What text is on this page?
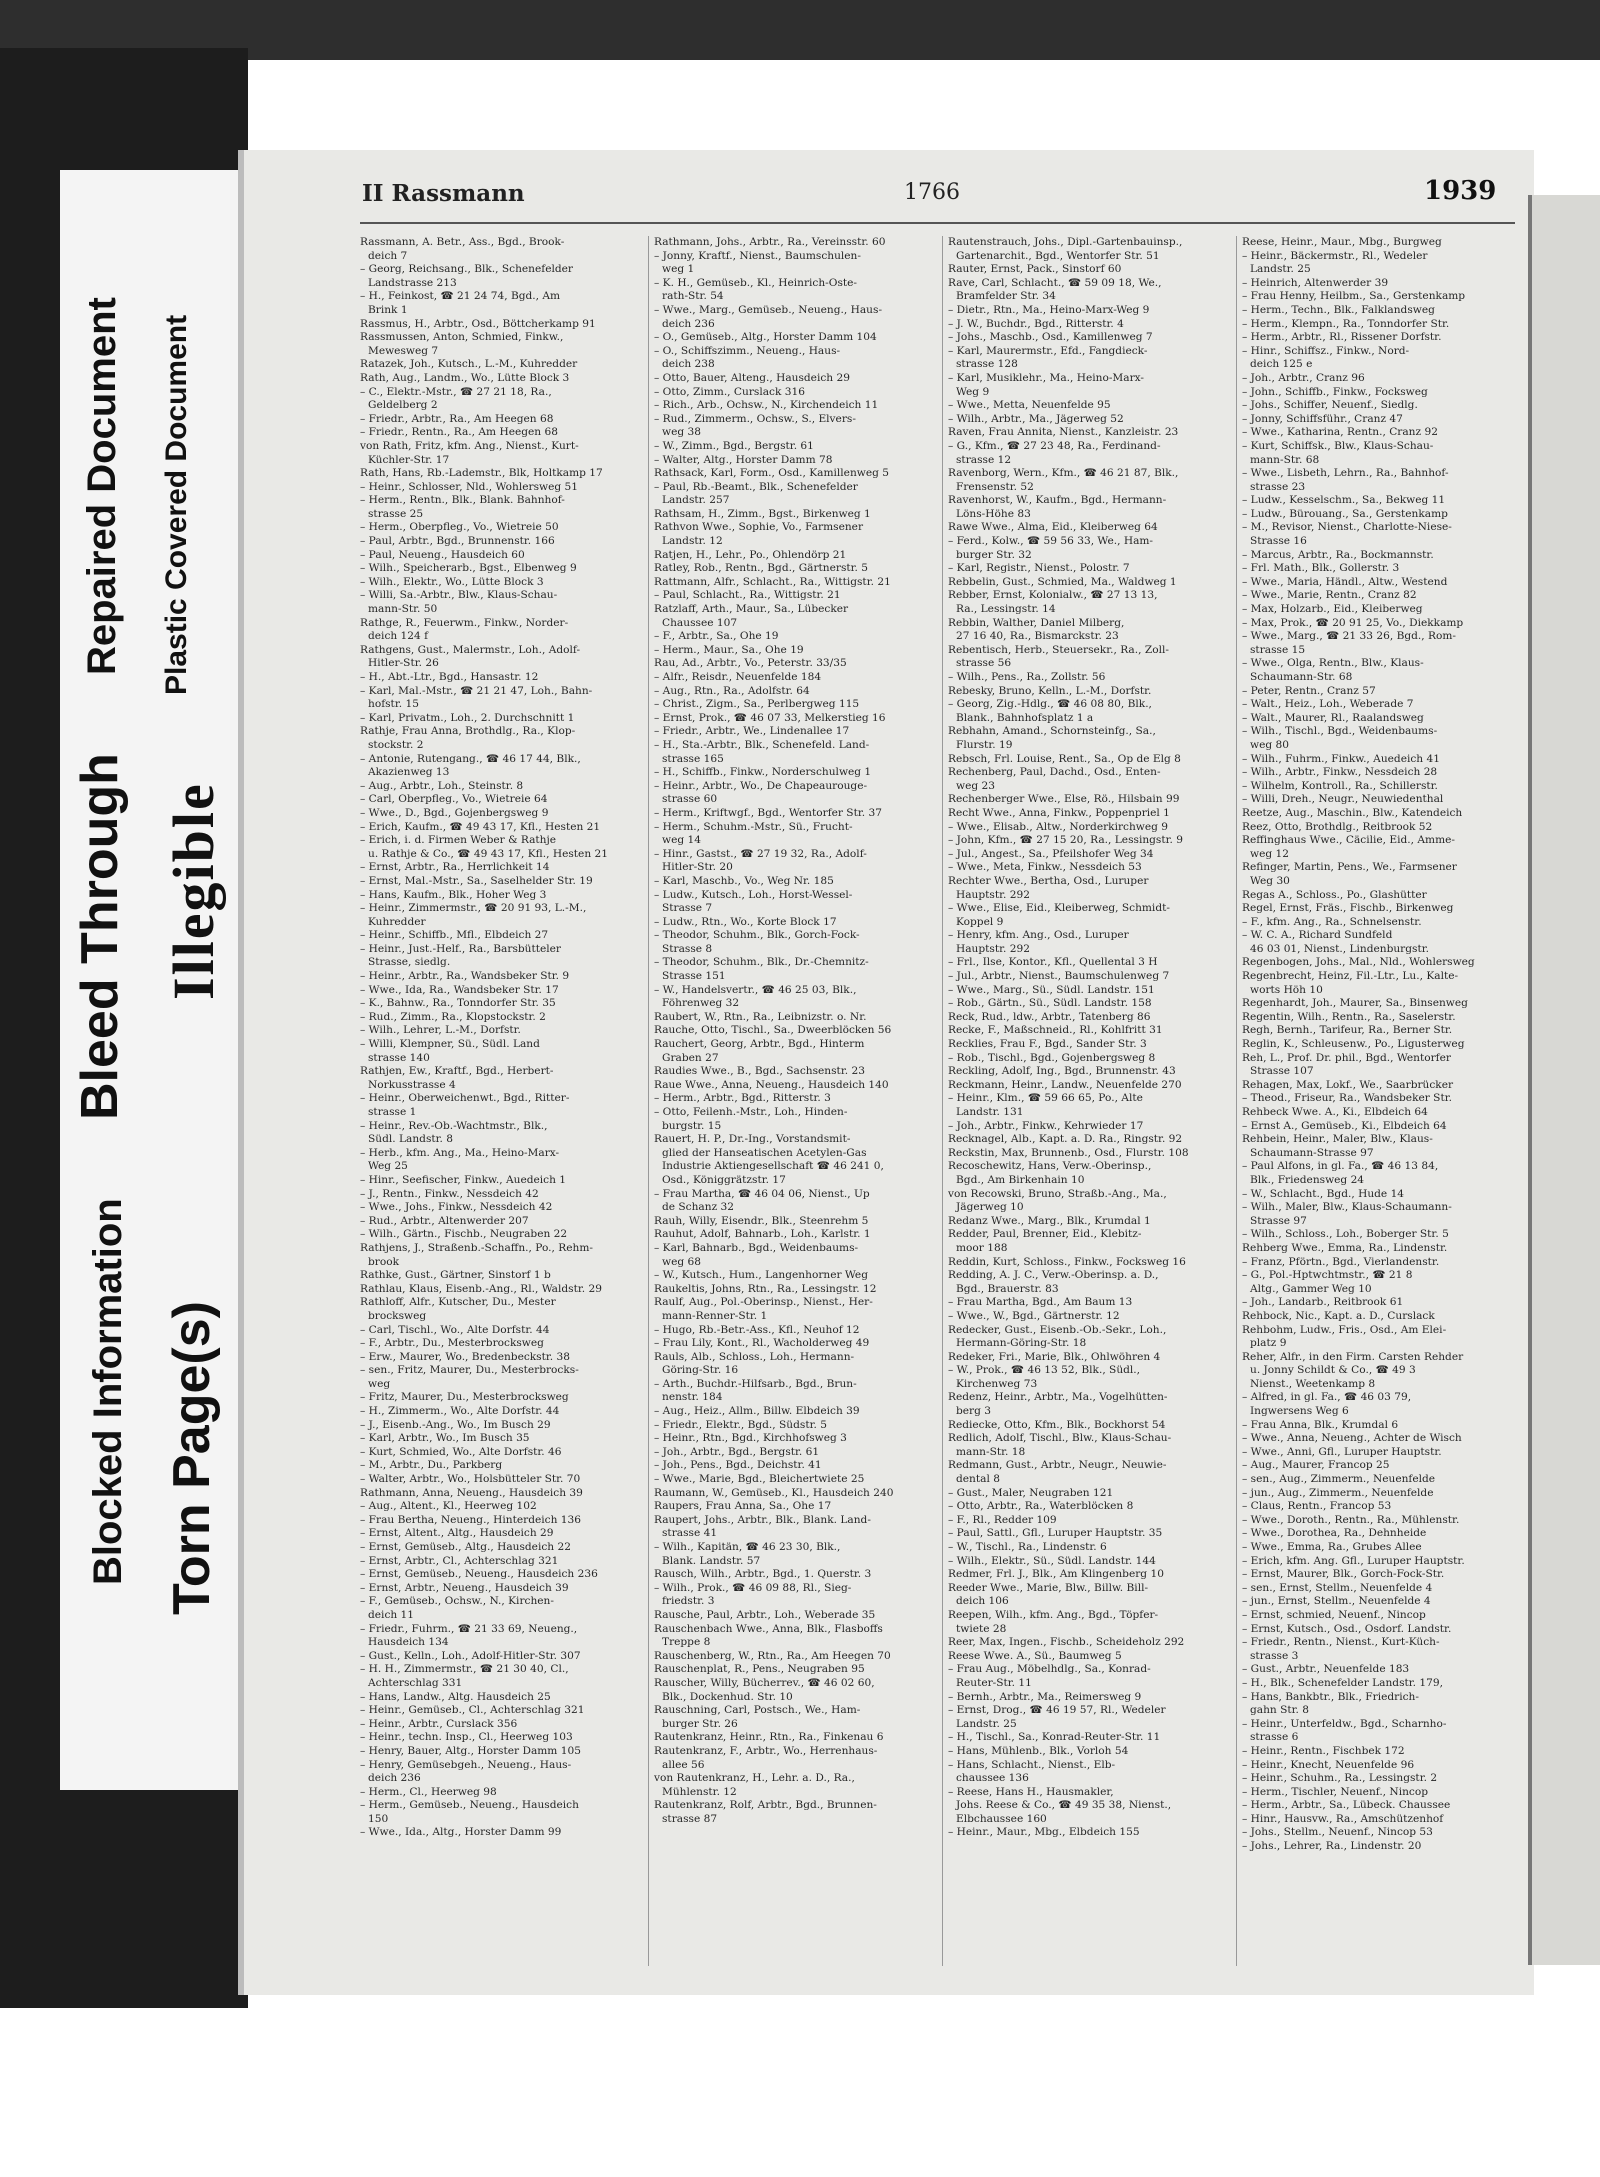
Blocked Information Torn Page(s)
Bleed Through Illegible
Repaired Document Plastic Covered Document
II Rassmann	1766	1939
Rassmann, A. Betr., Ass., Bgd., Brook-
deich 7
– Georg, Reichsang., Blk., Schenefelder
Landstrasse 213
– H., Feinkost, ☎ 21 24 74, Bgd., Am
Brink 1
Rassmus, H., Arbtr., Osd., Böttcherkamp 91
Rassmussen, Anton, Schmied, Finkw.,
Mewesweg 7
Ratazek, Joh., Kutsch., L.-M., Kuhredder
Rath, Aug., Landm., Wo., Lütte Block 3
– C., Elektr.-Mstr., ☎ 27 21 18, Ra.,
Geldelberg 2
– Friedr., Arbtr., Ra., Am Heegen 68
– Friedr., Rentn., Ra., Am Heegen 68
von Rath, Fritz, kfm. Ang., Nienst., Kurt-
Küchler-Str. 17
Rath, Hans, Rb.-Lademstr., Blk, Holtkamp 17
– Heinr., Schlosser, Nld., Wohlersweg 51
– Herm., Rentn., Blk., Blank. Bahnhof-
strasse 25
– Herm., Oberpfleg., Vo., Wietreie 50
– Paul, Arbtr., Bgd., Brunnenstr. 166
– Paul, Neueng., Hausdeich 60
– Wilh., Speicherarb., Bgst., Elbenweg 9
– Wilh., Elektr., Wo., Lütte Block 3
– Willi, Sa.-Arbtr., Blw., Klaus-Schau-
mann-Str. 50
Rathge, R., Feuerwm., Finkw., Norder-
deich 124 f
Rathgens, Gust., Malermstr., Loh., Adolf-
Hitler-Str. 26
– H., Abt.-Ltr., Bgd., Hansastr. 12
– Karl, Mal.-Mstr., ☎ 21 21 47, Loh., Bahn-
hofstr. 15
– Karl, Privatm., Loh., 2. Durchschnitt 1
Rathje, Frau Anna, Brothdlg., Ra., Klop-
stockstr. 2
– Antonie, Rutengang., ☎ 46 17 44, Blk.,
Akazienweg 13
– Aug., Arbtr., Loh., Steinstr. 8
– Carl, Oberpfleg., Vo., Wietreie 64
– Wwe., D., Bgd., Gojenbergsweg 9
– Erich, Kaufm., ☎ 49 43 17, Kfl., Hesten 21
– Erich, i. d. Firmen Weber & Rathje
u. Rathje & Co., ☎ 49 43 17, Kfl., Hesten 21
– Ernst, Arbtr., Ra., Herrlichkeit 14
– Ernst, Mal.-Mstr., Sa., Saselhelder Str. 19
– Hans, Kaufm., Blk., Hoher Weg 3
– Heinr., Zimmermstr., ☎ 20 91 93, L.-M.,
Kuhredder
– Heinr., Schiffb., Mfl., Elbdeich 27
– Heinr., Just.-Helf., Ra., Barsbütteler
Strasse, siedlg.
– Heinr., Arbtr., Ra., Wandsbeker Str. 9
– Wwe., Ida, Ra., Wandsbeker Str. 17
– K., Bahnw., Ra., Tonndorfer Str. 35
– Rud., Zimm., Ra., Klopstockstr. 2
– Wilh., Lehrer, L.-M., Dorfstr.
– Willi, Klempner, Sü., Südl. Land
strasse 140
Rathjen, Ew., Kraftf., Bgd., Herbert-
Norkusstrasse 4
– Heinr., Oberweichenwt., Bgd., Ritter-
strasse 1
– Heinr., Rev.-Ob.-Wachtmstr., Blk.,
Südl. Landstr. 8
– Herb., kfm. Ang., Ma., Heino-Marx-
Weg 25
– Hinr., Seefischer, Finkw., Auedeich 1
– J., Rentn., Finkw., Nessdeich 42
– Wwe., Johs., Finkw., Nessdeich 42
– Rud., Arbtr., Altenwerder 207
– Wilh., Gärtn., Fischb., Neugraben 22
Rathjens, J., Straßenb.-Schaffn., Po., Rehm-
brook
Rathke, Gust., Gärtner, Sinstorf 1 b
Rathlau, Klaus, Eisenb.-Ang., Rl., Waldstr. 29
Rathloff, Alfr., Kutscher, Du., Mester
brocksweg
– Carl, Tischl., Wo., Alte Dorfstr. 44
– F., Arbtr., Du., Mesterbrocksweg
– Erw., Maurer, Wo., Bredenbeckstr. 38
– sen., Fritz, Maurer, Du., Mesterbrocks-
weg
– Fritz, Maurer, Du., Mesterbrocksweg
– H., Zimmerm., Wo., Alte Dorfstr. 44
– J., Eisenb.-Ang., Wo., Im Busch 29
– Karl, Arbtr., Wo., Im Busch 35
– Kurt, Schmied, Wo., Alte Dorfstr. 46
– M., Arbtr., Du., Parkberg
– Walter, Arbtr., Wo., Holsbütteler Str. 70
Rathmann, Anna, Neueng., Hausdeich 39
– Aug., Altent., Kl., Heerweg 102
– Frau Bertha, Neueng., Hinterdeich 136
– Ernst, Altent., Altg., Hausdeich 29
– Ernst, Gemüseb., Altg., Hausdeich 22
– Ernst, Arbtr., Cl., Achterschlag 321
– Ernst, Gemüseb., Neueng., Hausdeich 236
– Ernst, Arbtr., Neueng., Hausdeich 39
– F., Gemüseb., Ochsw., N., Kirchen-
deich 11
– Friedr., Fuhrm., ☎ 21 33 69, Neueng.,
Hausdeich 134
– Gust., Kelln., Loh., Adolf-Hitler-Str. 307
– H. H., Zimmermstr., ☎ 21 30 40, Cl.,
Achterschlag 331
– Hans, Landw., Altg. Hausdeich 25
– Heinr., Gemüseb., Cl., Achterschlag 321
– Heinr., Arbtr., Curslack 356
– Heinr., techn. Insp., Cl., Heerweg 103
– Henry, Bauer, Altg., Horster Damm 105
– Henry, Gemüsebgeh., Neueng., Haus-
deich 236
– Herm., Cl., Heerweg 98
– Herm., Gemüseb., Neueng., Hausdeich
150
– Wwe., Ida., Altg., Horster Damm 99
Rathmann, Johs., Arbtr., Ra., Vereinsstr. 60
– Jonny, Kraftf., Nienst., Baumschulen-
weg 1
– K. H., Gemüseb., Kl., Heinrich-Oste-
rath-Str. 54
– Wwe., Marg., Gemüseb., Neueng., Haus-
deich 236
– O., Gemüseb., Altg., Horster Damm 104
– O., Schiffszimm., Neueng., Haus-
deich 238
– Otto, Bauer, Alteng., Hausdeich 29
– Otto, Zimm., Curslack 316
– Rich., Arb., Ochsw., N., Kirchendeich 11
– Rud., Zimmerm., Ochsw., S., Elvers-
weg 38
– W., Zimm., Bgd., Bergstr. 61
– Walter, Altg., Horster Damm 78
Rathsack, Karl, Form., Osd., Kamillenweg 5
– Paul, Rb.-Beamt., Blk., Schenefelder
Landstr. 257
Rathsam, H., Zimm., Bgst., Birkenweg 1
Rathvon Wwe., Sophie, Vo., Farmsener
Landstr. 12
Ratjen, H., Lehr., Po., Ohlendörp 21
Ratley, Rob., Rentn., Bgd., Gärtnerstr. 5
Rattmann, Alfr., Schlacht., Ra., Wittigstr. 21
– Paul, Schlacht., Ra., Wittigstr. 21
Ratzlaff, Arth., Maur., Sa., Lübecker
Chaussee 107
– F., Arbtr., Sa., Ohe 19
– Herm., Maur., Sa., Ohe 19
Rau, Ad., Arbtr., Vo., Peterstr. 33/35
– Alfr., Reisdr., Neuenfelde 184
– Aug., Rtn., Ra., Adolfstr. 64
– Christ., Zigm., Sa., Perlbergweg 115
– Ernst, Prok., ☎ 46 07 33, Melkerstieg 16
– Friedr., Arbtr., We., Lindenallee 17
– H., Sta.-Arbtr., Blk., Schenefeld. Land-
strasse 165
– H., Schiffb., Finkw., Norderschulweg 1
– Heinr., Arbtr., Wo., De Chapeaurouge-
strasse 60
– Herm., Kriftwgf., Bgd., Wentorfer Str. 37
– Herm., Schuhm.-Mstr., Sü., Frucht-
weg 14
– Hinr., Gastst., ☎ 27 19 32, Ra., Adolf-
Hitler-Str. 20
– Karl, Maschb., Vo., Weg Nr. 185
– Ludw., Kutsch., Loh., Horst-Wessel-
Strasse 7
– Ludw., Rtn., Wo., Korte Block 17
– Theodor, Schuhm., Blk., Gorch-Fock-
Strasse 8
– Theodor, Schuhm., Blk., Dr.-Chemnitz-
Strasse 151
– W., Handelsvertr., ☎ 46 25 03, Blk.,
Föhrenweg 32
Raubert, W., Rtn., Ra., Leibnizstr. o. Nr.
Rauche, Otto, Tischl., Sa., Dweerblöcken 56
Rauchert, Georg, Arbtr., Bgd., Hinterm
Graben 27
Raudies Wwe., B., Bgd., Sachsenstr. 23
Raue Wwe., Anna, Neueng., Hausdeich 140
– Herm., Arbtr., Bgd., Ritterstr. 3
– Otto, Feilenh.-Mstr., Loh., Hinden-
burgstr. 15
Rauert, H. P., Dr.-Ing., Vorstandsmit-
glied der Hanseatischen Acetylen-Gas
Industrie Aktiengesellschaft ☎ 46 241 0,
Osd., Königgrätzstr. 17
– Frau Martha, ☎ 46 04 06, Nienst., Up
de Schanz 32
Rauh, Willy, Eisendr., Blk., Steenrehm 5
Rauhut, Adolf, Bahnarb., Loh., Karlstr. 1
– Karl, Bahnarb., Bgd., Weidenbaums-
weg 68
– W., Kutsch., Hum., Langenhorner Weg
Raukeltis, Johns, Rtn., Ra., Lessingstr. 12
Raulf, Aug., Pol.-Oberinsp., Nienst., Her-
mann-Renner-Str. 1
– Hugo, Rb.-Betr.-Ass., Kfl., Neuhof 12
– Frau Lily, Kont., Rl., Wacholderweg 49
Rauls, Alb., Schloss., Loh., Hermann-
Göring-Str. 16
– Arth., Buchdr.-Hilfsarb., Bgd., Brun-
nenstr. 184
– Aug., Heiz., Allm., Billw. Elbdeich 39
– Friedr., Elektr., Bgd., Südstr. 5
– Heinr., Rtn., Bgd., Kirchhofsweg 3
– Joh., Arbtr., Bgd., Bergstr. 61
– Joh., Pens., Bgd., Deichstr. 41
– Wwe., Marie, Bgd., Bleichertwiete 25
Raumann, W., Gemüseb., Kl., Hausdeich 240
Raupers, Frau Anna, Sa., Ohe 17
Raupert, Johs., Arbtr., Blk., Blank. Land-
strasse 41
– Wilh., Kapitän, ☎ 46 23 30, Blk.,
Blank. Landstr. 57
Rausch, Wilh., Arbtr., Bgd., 1. Querstr. 3
– Wilh., Prok., ☎ 46 09 88, Rl., Sieg-
friedstr. 3
Rausche, Paul, Arbtr., Loh., Weberade 35
Rauschenbach Wwe., Anna, Blk., Flasboffs
Treppe 8
Rauschenberg, W., Rtn., Ra., Am Heegen 70
Rauschenplat, R., Pens., Neugraben 95
Rauscher, Willy, Bücherrev., ☎ 46 02 60,
Blk., Dockenhud. Str. 10
Rauschning, Carl, Postsch., We., Ham-
burger Str. 26
Rautenkranz, Heinr., Rtn., Ra., Finkenau 6
Rautenkranz, F., Arbtr., Wo., Herrenhaus-
allee 56
von Rautenkranz, H., Lehr. a. D., Ra.,
Mühlenstr. 12
Rautenkranz, Rolf, Arbtr., Bgd., Brunnen-
strasse 87
Rautenstrauch, Johs., Dipl.-Gartenbauinsp.,
Gartenarchit., Bgd., Wentorfer Str. 51
Rauter, Ernst, Pack., Sinstorf 60
Rave, Carl, Schlacht., ☎ 59 09 18, We.,
Bramfelder Str. 34
– Dietr., Rtn., Ma., Heino-Marx-Weg 9
– J. W., Buchdr., Bgd., Ritterstr. 4
– Johs., Maschb., Osd., Kamillenweg 7
– Karl, Maurermstr., Efd., Fangdieck-
strasse 128
– Karl, Musiklehr., Ma., Heino-Marx-
Weg 9
– Wwe., Metta, Neuenfelde 95
– Wilh., Arbtr., Ma., Jägerweg 52
Raven, Frau Annita, Nienst., Kanzleistr. 23
– G., Kfm., ☎ 27 23 48, Ra., Ferdinand-
strasse 12
Ravenborg, Wern., Kfm., ☎ 46 21 87, Blk.,
Frensenstr. 52
Ravenhorst, W., Kaufm., Bgd., Hermann-
Löns-Höhe 83
Rawe Wwe., Alma, Eid., Kleiberweg 64
– Ferd., Kolw., ☎ 59 56 33, We., Ham-
burger Str. 32
– Karl, Registr., Nienst., Polostr. 7
Rebbelin, Gust., Schmied, Ma., Waldweg 1
Rebber, Ernst, Kolonialw., ☎ 27 13 13,
Ra., Lessingstr. 14
Rebbin, Walther, Daniel Milberg,
27 16 40, Ra., Bismarckstr. 23
Rebentisch, Herb., Steuersekr., Ra., Zoll-
strasse 56
– Wilh., Pens., Ra., Zollstr. 56
Rebesky, Bruno, Kelln., L.-M., Dorfstr.
– Georg, Zig.-Hdlg., ☎ 46 08 80, Blk.,
Blank., Bahnhofsplatz 1 a
Rebhahn, Amand., Schornsteinfg., Sa.,
Flurstr. 19
Rebsch, Frl. Louise, Rent., Sa., Op de Elg 8
Rechenberg, Paul, Dachd., Osd., Enten-
weg 23
Rechenberger Wwe., Else, Rö., Hilsbain 99
Recht Wwe., Anna, Finkw., Poppenpriel 1
– Wwe., Elisab., Altw., Norderkirchweg 9
– John, Kfm., ☎ 27 15 20, Ra., Lessingstr. 9
– Jul., Angest., Sa., Pfeilshofer Weg 34
– Wwe., Meta, Finkw., Nessdeich 53
Rechter Wwe., Bertha, Osd., Luruper
Hauptstr. 292
– Wwe., Elise, Eid., Kleiberweg, Schmidt-
Koppel 9
– Henry, kfm. Ang., Osd., Luruper
Hauptstr. 292
– Frl., Ilse, Kontor., Kfl., Quellental 3 H
– Jul., Arbtr., Nienst., Baumschulenweg 7
– Wwe., Marg., Sü., Südl. Landstr. 151
– Rob., Gärtn., Sü., Südl. Landstr. 158
Reck, Rud., ldw., Arbtr., Tatenberg 86
Recke, F., Maßschneid., Rl., Kohlfritt 31
Recklies, Frau F., Bgd., Sander Str. 3
– Rob., Tischl., Bgd., Gojenbergsweg 8
Reckling, Adolf, Ing., Bgd., Brunnenstr. 43
Reckmann, Heinr., Landw., Neuenfelde 270
– Heinr., Klm., ☎ 59 66 65, Po., Alte
Landstr. 131
– Joh., Arbtr., Finkw., Kehrwieder 17
Recknagel, Alb., Kapt. a. D. Ra., Ringstr. 92
Reckstin, Max, Brunnenb., Osd., Flurstr. 108
Recoschewitz, Hans, Verw.-Oberinsp.,
Bgd., Am Birkenhain 10
von Recowski, Bruno, Straßb.-Ang., Ma.,
Jägerweg 10
Redanz Wwe., Marg., Blk., Krumdal 1
Redder, Paul, Brenner, Eid., Klebitz-
moor 188
Reddin, Kurt, Schloss., Finkw., Focksweg 16
Redding, A. J. C., Verw.-Oberinsp. a. D.,
Bgd., Brauerstr. 83
– Frau Martha, Bgd., Am Baum 13
– Wwe., W., Bgd., Gärtnerstr. 12
Redecker, Gust., Eisenb.-Ob.-Sekr., Loh.,
Hermann-Göring-Str. 18
Redeker, Fri., Marie, Blk., Ohlwöhren 4
– W., Prok., ☎ 46 13 52, Blk., Südl.,
Kirchenweg 73
Redenz, Heinr., Arbtr., Ma., Vogelhütten-
berg 3
Rediecke, Otto, Kfm., Blk., Bockhorst 54
Redlich, Adolf, Tischl., Blw., Klaus-Schau-
mann-Str. 18
Redmann, Gust., Arbtr., Neugr., Neuwie-
dental 8
– Gust., Maler, Neugraben 121
– Otto, Arbtr., Ra., Waterblöcken 8
– F., Rl., Redder 109
– Paul, Sattl., Gfl., Luruper Hauptstr. 35
– W., Tischl., Ra., Lindenstr. 6
– Wilh., Elektr., Sü., Südl. Landstr. 144
Redmer, Frl. J., Blk., Am Klingenberg 10
Reeder Wwe., Marie, Blw., Billw. Bill-
deich 106
Reepen, Wilh., kfm. Ang., Bgd., Töpfer-
twiete 28
Reer, Max, Ingen., Fischb., Scheideholz 292
Reese Wwe. A., Sü., Baumweg 5
– Frau Aug., Möbelhdlg., Sa., Konrad-
Reuter-Str. 11
– Bernh., Arbtr., Ma., Reimersweg 9
– Ernst, Drog., ☎ 46 19 57, Rl., Wedeler
Landstr. 25
– H., Tischl., Sa., Konrad-Reuter-Str. 11
– Hans, Mühlenb., Blk., Vorloh 54
– Hans, Schlacht., Nienst., Elb-
chaussee 136
– Reese, Hans H., Hausmakler,
Johs. Reese & Co., ☎ 49 35 38, Nienst.,
Elbchaussee 160
– Heinr., Maur., Mbg., Elbdeich 155
Reese, Heinr., Maur., Mbg., Burgweg
– Heinr., Bäckermstr., Rl., Wedeler
Landstr. 25
– Heinrich, Altenwerder 39
– Frau Henny, Heilbm., Sa., Gerstenkamp
– Herm., Techn., Blk., Falklandsweg
– Herm., Klempn., Ra., Tonndorfer Str.
– Herm., Arbtr., Rl., Rissener Dorfstr.
– Hinr., Schiffsz., Finkw., Nord-
deich 125 e
– Joh., Arbtr., Cranz 96
– John., Schiffb., Finkw., Focksweg
– Johs., Schiffer, Neuenf., Siedlg.
– Jonny, Schiffsführ., Cranz 47
– Wwe., Katharina, Rentn., Cranz 92
– Kurt, Schiffsk., Blw., Klaus-Schau-
mann-Str. 68
– Wwe., Lisbeth, Lehrn., Ra., Bahnhof-
strasse 23
– Ludw., Kesselschm., Sa., Bekweg 11
– Ludw., Bürouang., Sa., Gerstenkamp
– M., Revisor, Nienst., Charlotte-Niese-
Strasse 16
– Marcus, Arbtr., Ra., Bockmannstr.
– Frl. Math., Blk., Gollerstr. 3
– Wwe., Maria, Händl., Altw., Westend
– Wwe., Marie, Rentn., Cranz 82
– Max, Holzarb., Eid., Kleiberweg
– Max, Prok., ☎ 20 91 25, Vo., Diekkamp
– Wwe., Marg., ☎ 21 33 26, Bgd., Rom-
strasse 15
– Wwe., Olga, Rentn., Blw., Klaus-
Schaumann-Str. 68
– Peter, Rentn., Cranz 57
– Walt., Heiz., Loh., Weberade 7
– Walt., Maurer, Rl., Raalandsweg
– Wilh., Tischl., Bgd., Weidenbaums-
weg 80
– Wilh., Fuhrm., Finkw., Auedeich 41
– Wilh., Arbtr., Finkw., Nessdeich 28
– Wilhelm, Kontroll., Ra., Schillerstr.
– Willi, Dreh., Neugr., Neuwiedenthal
Reetze, Aug., Maschin., Blw., Katendeich
Reez, Otto, Brothdlg., Reitbrook 52
Reffinghaus Wwe., Cäcilie, Eid., Amme-
weg 12
Refinger, Martin, Pens., We., Farmsener
Weg 30
Regas A., Schloss., Po., Glashütter
Regel, Ernst, Fräs., Fischb., Birkenweg
– F., kfm. Ang., Ra., Schnelsenstr.
– W. C. A., Richard Sundfeld
46 03 01, Nienst., Lindenburgstr.
Regenbogen, Johs., Mal., Nld., Wohlersweg
Regenbrecht, Heinz, Fil.-Ltr., Lu., Kalte-
worts Höh 10
Regenhardt, Joh., Maurer, Sa., Binsenweg
Regentin, Wilh., Rentn., Ra., Saselerstr.
Regh, Bernh., Tarifeur, Ra., Berner Str.
Reglin, K., Schleusenw., Po., Ligusterweg
Reh, L., Prof. Dr. phil., Bgd., Wentorfer
Strasse 107
Rehagen, Max, Lokf., We., Saarbrücker
– Theod., Friseur, Ra., Wandsbeker Str.
Rehbeck Wwe. A., Ki., Elbdeich 64
– Ernst A., Gemüseb., Ki., Elbdeich 64
Rehbein, Heinr., Maler, Blw., Klaus-
Schaumann-Strasse 97
– Paul Alfons, in gl. Fa., ☎ 46 13 84,
Blk., Friedensweg 24
– W., Schlacht., Bgd., Hude 14
– Wilh., Maler, Blw., Klaus-Schaumann-
Strasse 97
– Wilh., Schloss., Loh., Boberger Str. 5
Rehberg Wwe., Emma, Ra., Lindenstr.
– Franz, Pförtn., Bgd., Vierlandenstr.
– G., Pol.-Hptwchtmstr., ☎ 21 8
Altg., Gammer Weg 10
– Joh., Landarb., Reitbrook 61
Rehbock, Nic., Kapt. a. D., Curslack
Rehbohm, Ludw., Fris., Osd., Am Elei-
platz 9
Reher, Alfr., in den Firm. Carsten Rehder
u. Jonny Schildt & Co., ☎ 49 3
Nienst., Weetenkamp 8
– Alfred, in gl. Fa., ☎ 46 03 79,
Ingwersens Weg 6
– Frau Anna, Blk., Krumdal 6
– Wwe., Anna, Neueng., Achter de Wisch
– Wwe., Anni, Gfl., Luruper Hauptstr.
– Aug., Maurer, Francop 25
– sen., Aug., Zimmerm., Neuenfelde
– jun., Aug., Zimmerm., Neuenfelde
– Claus, Rentn., Francop 53
– Wwe., Doroth., Rentn., Ra., Mühlenstr.
– Wwe., Dorothea, Ra., Dehnheide
– Wwe., Emma, Ra., Grubes Allee
– Erich, kfm. Ang. Gfl., Luruper Hauptstr.
– Ernst, Maurer, Blk., Gorch-Fock-Str.
– sen., Ernst, Stellm., Neuenfelde 4
– jun., Ernst, Stellm., Neuenfelde 4
– Ernst, schmied, Neuenf., Nincop
– Ernst, Kutsch., Osd., Osdorf. Landstr.
– Friedr., Rentn., Nienst., Kurt-Küch-
strasse 3
– Gust., Arbtr., Neuenfelde 183
– H., Blk., Schenefelder Landstr. 179,
– Hans, Bankbtr., Blk., Friedrich-
gahn Str. 8
– Heinr., Unterfeldw., Bgd., Scharnho-
strasse 6
– Heinr., Rentn., Fischbek 172
– Heinr., Knecht, Neuenfelde 96
– Heinr., Schuhm., Ra., Lessingstr. 2
– Herm., Tischler, Neuenf., Nincop
– Herm., Arbtr., Sa., Lübeck. Chaussee
– Hinr., Hausvw., Ra., Amschützenhof
– Johs., Stellm., Neuenf., Nincop 53
– Johs., Lehrer, Ra., Lindenstr. 20
